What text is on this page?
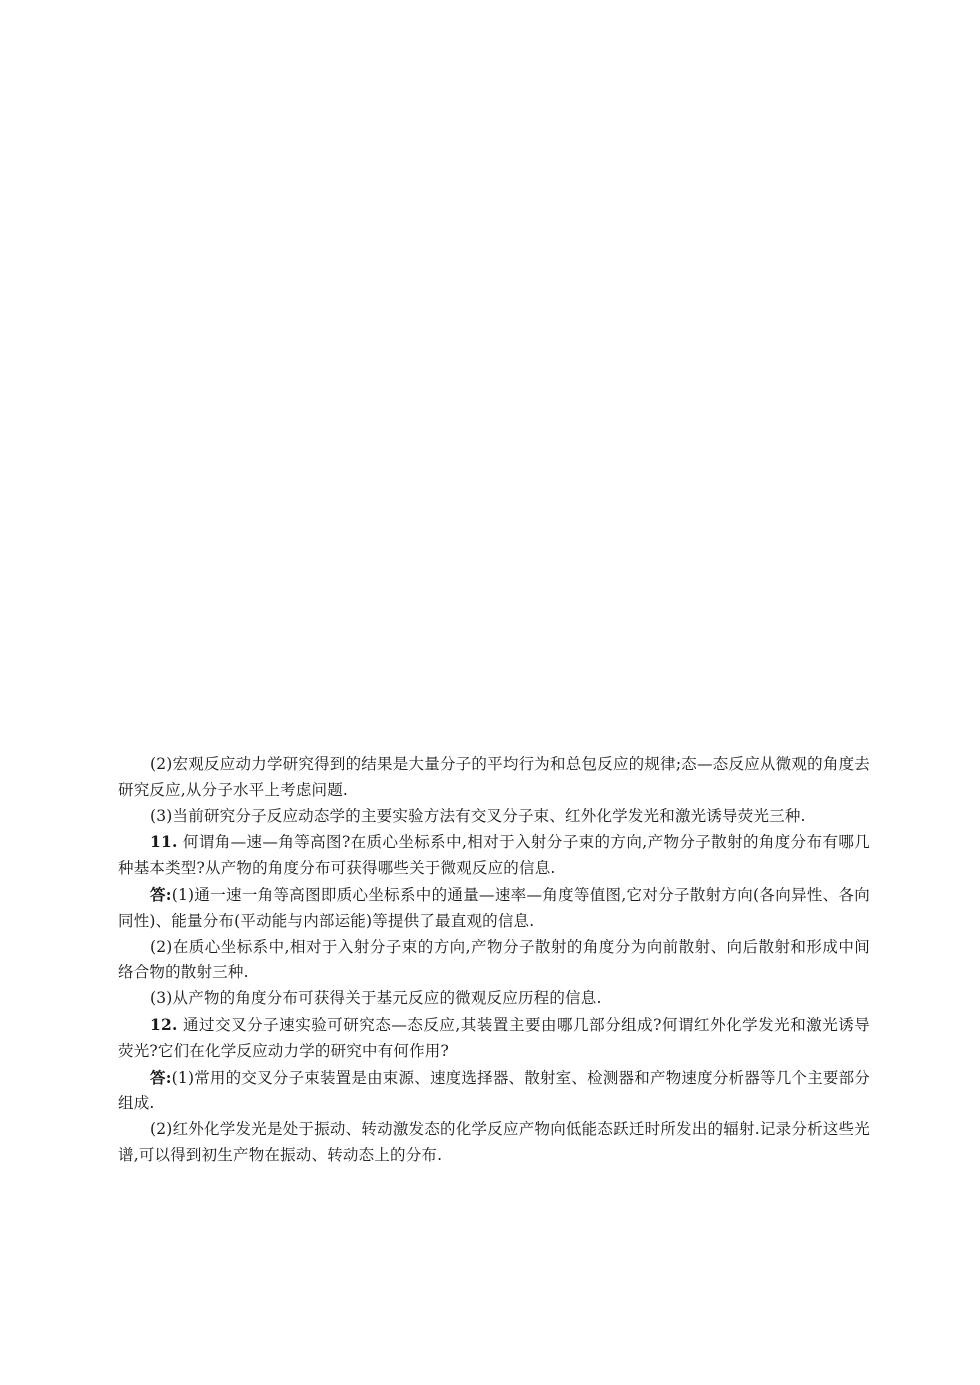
(2)宏观反应动力学研究得到的结果是大量分子的平均行为和总包反应的规律;态—态反应从微观的角度去研究反应,从分子水平上考虑问题.

(3)当前研究分子反应动态学的主要实验方法有交叉分子束、红外化学发光和激光诱导荧光三种.

11. 何谓角—速—角等高图?在质心坐标系中,相对于入射分子束的方向,产物分子散射的角度分布有哪几种基本类型?从产物的角度分布可获得哪些关于微观反应的信息.

答:(1)通一速一角等高图即质心坐标系中的通量—速率—角度等值图,它对分子散射方向(各向异性、各向同性)、能量分布(平动能与内部运能)等提供了最直观的信息.

(2)在质心坐标系中,相对于入射分子束的方向,产物分子散射的角度分为向前散射、向后散射和形成中间络合物的散射三种.

(3)从产物的角度分布可获得关于基元反应的微观反应历程的信息.

12. 通过交叉分子速实验可研究态—态反应,其装置主要由哪几部分组成?何谓红外化学发光和激光诱导荧光?它们在化学反应动力学的研究中有何作用?

答:(1)常用的交叉分子束装置是由束源、速度选择器、散射室、检测器和产物速度分析器等几个主要部分组成.

(2)红外化学发光是处于振动、转动激发态的化学反应产物向低能态跃迁时所发出的辐射.记录分析这些光谱,可以得到初生产物在振动、转动态上的分布.
